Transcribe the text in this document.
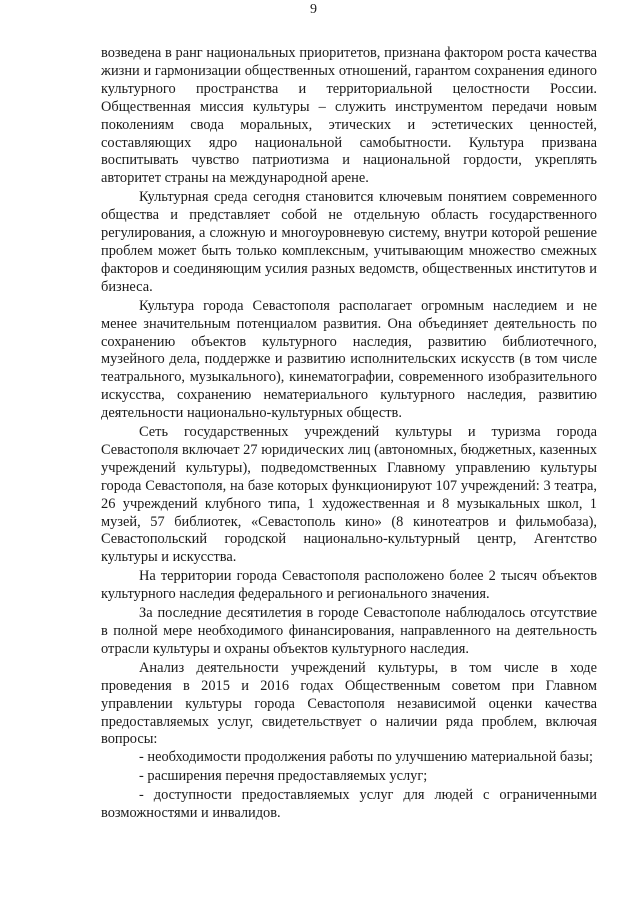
9

возведена в ранг национальных приоритетов, признана фактором роста качества жизни и гармонизации общественных отношений, гарантом сохранения единого культурного пространства и территориальной целостности России. Общественная миссия культуры – служить инструментом передачи новым поколениям свода моральных, этических и эстетических ценностей, составляющих ядро национальной самобытности. Культура призвана воспитывать чувство патриотизма и национальной гордости, укреплять авторитет страны на международной арене.

Культурная среда сегодня становится ключевым понятием современного общества и представляет собой не отдельную область государственного регулирования, а сложную и многоуровневую систему, внутри которой решение проблем может быть только комплексным, учитывающим множество смежных факторов и соединяющим усилия разных ведомств, общественных институтов и бизнеса.

Культура города Севастополя располагает огромным наследием и не менее значительным потенциалом развития. Она объединяет деятельность по сохранению объектов культурного наследия, развитию библиотечного, музейного дела, поддержке и развитию исполнительских искусств (в том числе театрального, музыкального), кинематографии, современного изобразительного искусства, сохранению нематериального культурного наследия, развитию деятельности национально-культурных обществ.

Сеть государственных учреждений культуры и туризма города Севастополя включает 27 юридических лиц (автономных, бюджетных, казенных учреждений культуры), подведомственных Главному управлению культуры города Севастополя, на базе которых функционируют 107 учреждений: 3 театра, 26 учреждений клубного типа, 1 художественная и 8 музыкальных школ, 1 музей, 57 библиотек, «Севастополь кино» (8 кинотеатров и фильмобаза), Севастопольский городской национально-культурный центр, Агентство культуры и искусства.

На территории города Севастополя расположено более 2 тысяч объектов культурного наследия федерального и регионального значения.

За последние десятилетия в городе Севастополе наблюдалось отсутствие в полной мере необходимого финансирования, направленного на деятельность отрасли культуры и охраны объектов культурного наследия.

Анализ деятельности учреждений культуры, в том числе в ходе проведения в 2015 и 2016 годах Общественным советом при Главном управлении культуры города Севастополя независимой оценки качества предоставляемых услуг, свидетельствует о наличии ряда проблем, включая вопросы:

- необходимости продолжения работы по улучшению материальной базы;

- расширения перечня предоставляемых услуг;

- доступности предоставляемых услуг для людей с ограниченными возможностями и инвалидов.
